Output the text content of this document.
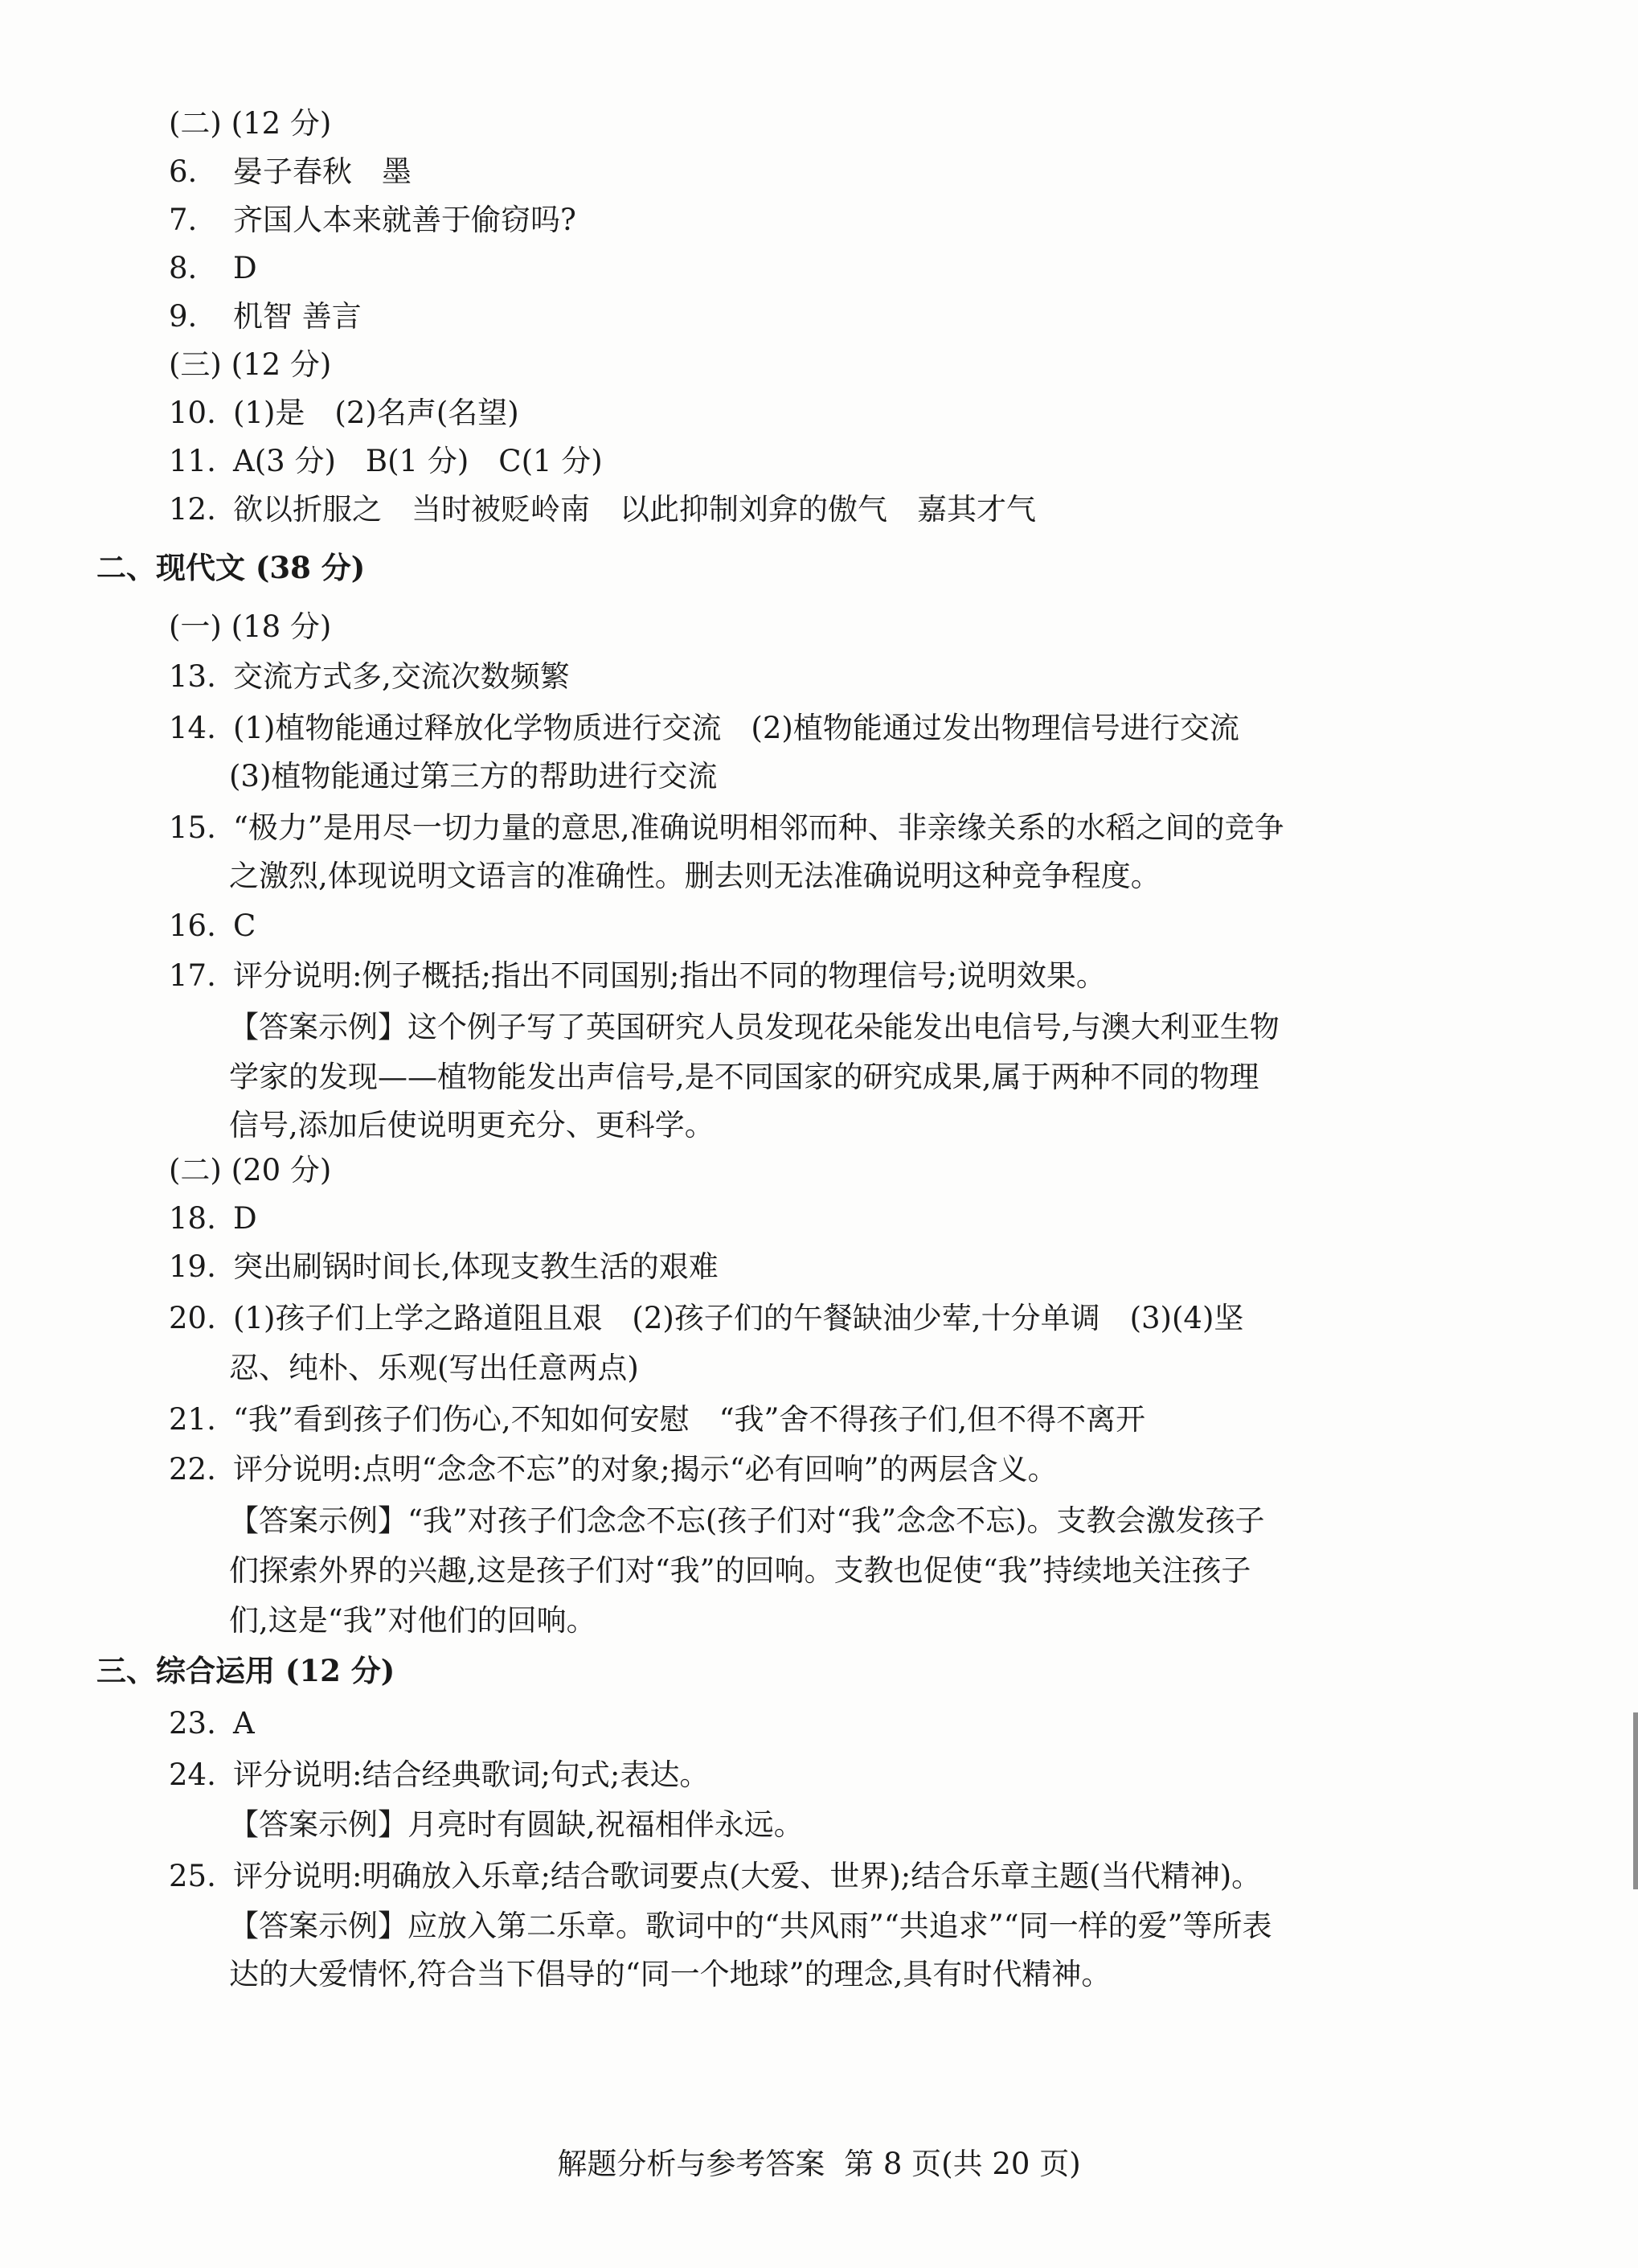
(二) (12 分)
6. 晏子春秋　墨
7. 齐国人本来就善于偷窃吗?
8. D
9. 机智 善言
(三) (12 分)
10. (1)是　(2)名声(名望)
11. A(3 分)　B(1 分)　C(1 分)
12. 欲以折服之　当时被贬岭南　以此抑制刘弇的傲气　嘉其才气
二、现代文 (38 分)
(一) (18 分)
13. 交流方式多,交流次数频繁
14. (1)植物能通过释放化学物质进行交流　(2)植物能通过发出物理信号进行交流
(3)植物能通过第三方的帮助进行交流
15. “极力”是用尽一切力量的意思,准确说明相邻而种、非亲缘关系的水稻之间的竞争
之激烈,体现说明文语言的准确性。删去则无法准确说明这种竞争程度。
16. C
17. 评分说明:例子概括;指出不同国别;指出不同的物理信号;说明效果。
【答案示例】这个例子写了英国研究人员发现花朵能发出电信号,与澳大利亚生物
学家的发现——植物能发出声信号,是不同国家的研究成果,属于两种不同的物理
信号,添加后使说明更充分、更科学。
(二) (20 分)
18. D
19. 突出刷锅时间长,体现支教生活的艰难
20. (1)孩子们上学之路道阻且艰　(2)孩子们的午餐缺油少荤,十分单调　(3)(4)坚
忍、纯朴、乐观(写出任意两点)
21. “我”看到孩子们伤心,不知如何安慰　“我”舍不得孩子们,但不得不离开
22. 评分说明:点明“念念不忘”的对象;揭示“必有回响”的两层含义。
【答案示例】“我”对孩子们念念不忘(孩子们对“我”念念不忘)。支教会激发孩子
们探索外界的兴趣,这是孩子们对“我”的回响。支教也促使“我”持续地关注孩子
们,这是“我”对他们的回响。
三、综合运用 (12 分)
23. A
24. 评分说明:结合经典歌词;句式;表达。
【答案示例】月亮时有圆缺,祝福相伴永远。
25. 评分说明:明确放入乐章;结合歌词要点(大爱、世界);结合乐章主题(当代精神)。
【答案示例】应放入第二乐章。歌词中的“共风雨”“共追求”“同一样的爱”等所表
达的大爱情怀,符合当下倡导的“同一个地球”的理念,具有时代精神。
解题分析与参考答案 第 8 页(共 20 页)
